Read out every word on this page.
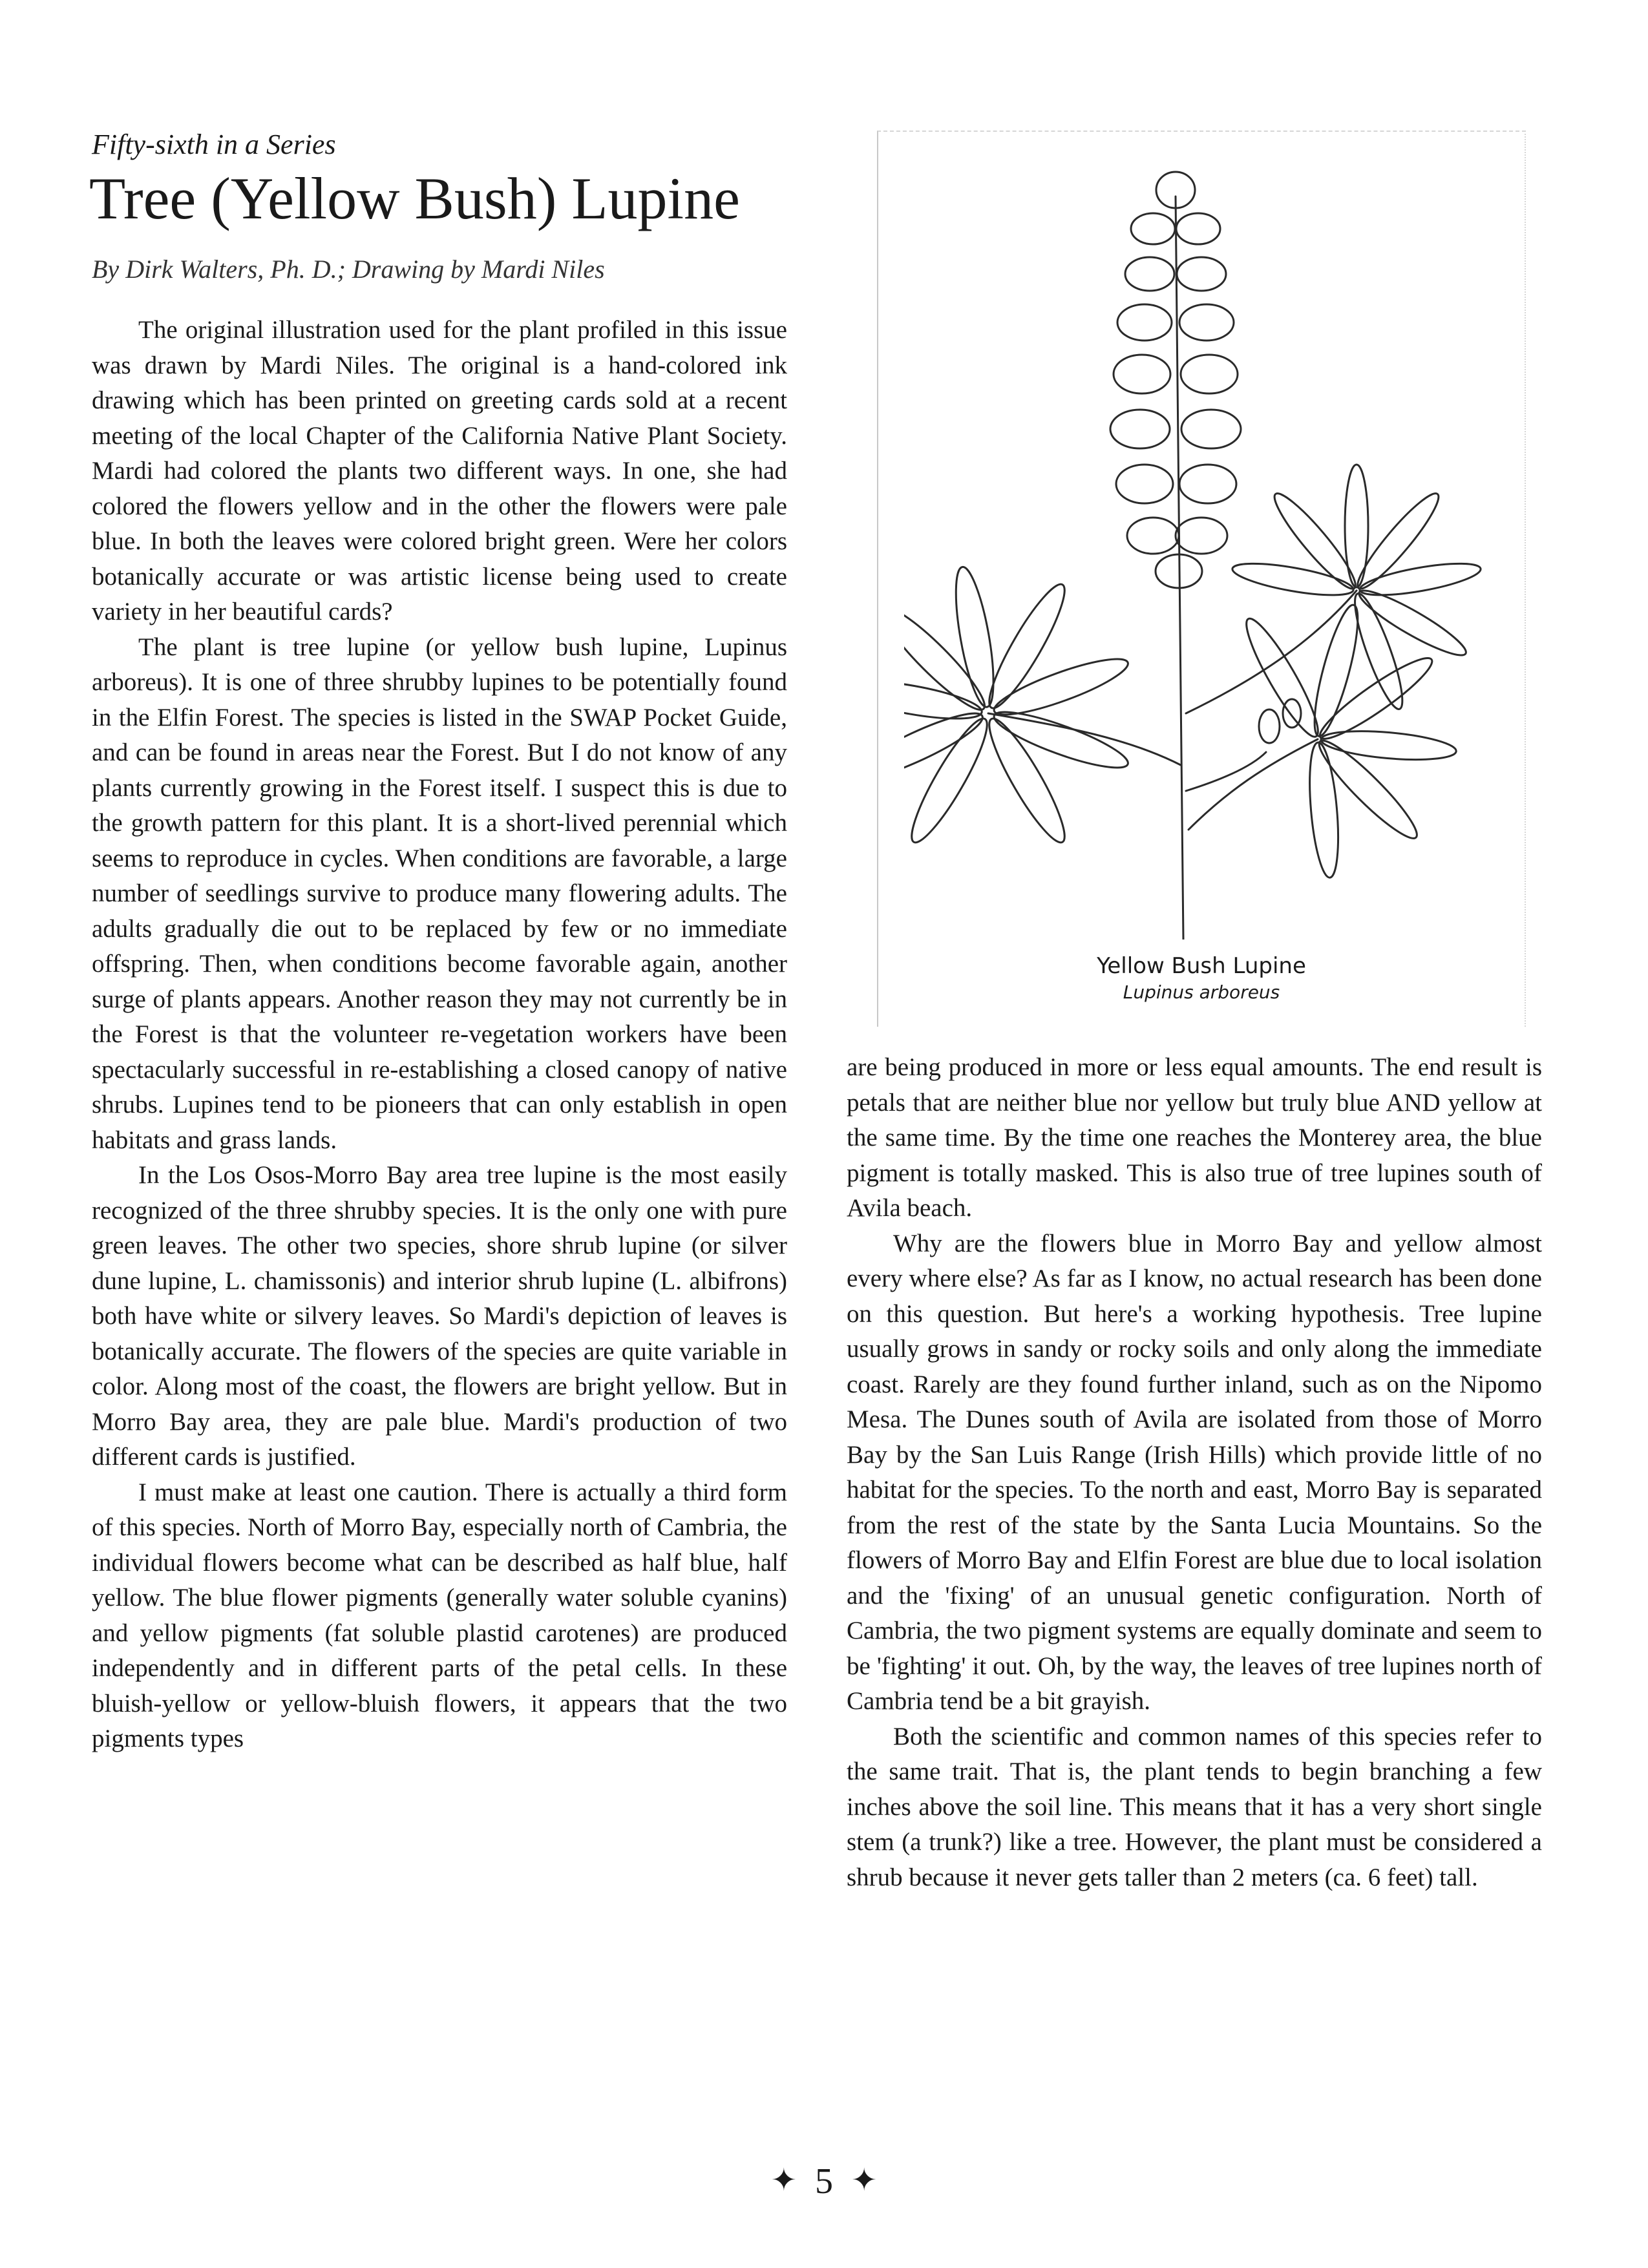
Fifty-sixth in a Series
Tree (Yellow Bush) Lupine
By Dirk Walters, Ph. D.; Drawing by Mardi Niles

The original illustration used for the plant profiled in this issue was drawn by Mardi Niles. The original is a hand-colored ink drawing which has been printed on greeting cards sold at a recent meeting of the local Chapter of the California Native Plant Society. Mardi had colored the plants two different ways. In one, she had colored the flowers yellow and in the other the flowers were pale blue. In both the leaves were colored bright green. Were her colors botanically accurate or was artistic license being used to create variety in her beautiful cards?

The plant is tree lupine (or yellow bush lupine, Lupinus arboreus). It is one of three shrubby lupines to be potentially found in the Elfin Forest. The species is listed in the SWAP Pocket Guide, and can be found in areas near the Forest. But I do not know of any plants currently growing in the Forest itself. I suspect this is due to the growth pattern for this plant. It is a short-lived perennial which seems to reproduce in cycles. When conditions are favorable, a large number of seedlings survive to produce many flowering adults. The adults gradually die out to be replaced by few or no immediate offspring. Then, when conditions become favorable again, another surge of plants appears. Another reason they may not currently be in the Forest is that the volunteer re-vegetation workers have been spectacularly successful in re-establishing a closed canopy of native shrubs. Lupines tend to be pioneers that can only establish in open habitats and grass lands.

In the Los Osos-Morro Bay area tree lupine is the most easily recognized of the three shrubby species. It is the only one with pure green leaves. The other two species, shore shrub lupine (or silver dune lupine, L. chamissonis) and interior shrub lupine (L. albifrons) both have white or silvery leaves. So Mardi's depiction of leaves is botanically accurate. The flowers of the species are quite variable in color. Along most of the coast, the flowers are bright yellow. But in Morro Bay area, they are pale blue. Mardi's production of two different cards is justified.

I must make at least one caution. There is actually a third form of this species. North of Morro Bay, especially north of Cambria, the individual flowers become what can be described as half blue, half yellow. The blue flower pigments (generally water soluble cyanins) and yellow pigments (fat soluble plastid carotenes) are produced independently and in different parts of the petal cells. In these bluish-yellow or yellow-bluish flowers, it appears that the two pigments types

Yellow Bush Lupine
Lupinus arboreus

are being produced in more or less equal amounts. The end result is petals that are neither blue nor yellow but truly blue AND yellow at the same time. By the time one reaches the Monterey area, the blue pigment is totally masked. This is also true of tree lupines south of Avila beach.

Why are the flowers blue in Morro Bay and yellow almost every where else? As far as I know, no actual research has been done on this question. But here's a working hypothesis. Tree lupine usually grows in sandy or rocky soils and only along the immediate coast. Rarely are they found further inland, such as on the Nipomo Mesa. The Dunes south of Avila are isolated from those of Morro Bay by the San Luis Range (Irish Hills) which provide little of no habitat for the species. To the north and east, Morro Bay is separated from the rest of the state by the Santa Lucia Mountains. So the flowers of Morro Bay and Elfin Forest are blue due to local isolation and the 'fixing' of an unusual genetic configuration. North of Cambria, the two pigment systems are equally dominate and seem to be 'fighting' it out. Oh, by the way, the leaves of tree lupines north of Cambria tend be a bit grayish.

Both the scientific and common names of this species refer to the same trait. That is, the plant tends to begin branching a few inches above the soil line. This means that it has a very short single stem (a trunk?) like a tree. However, the plant must be considered a shrub because it never gets taller than 2 meters (ca. 6 feet) tall.

✦ 5 ✦
